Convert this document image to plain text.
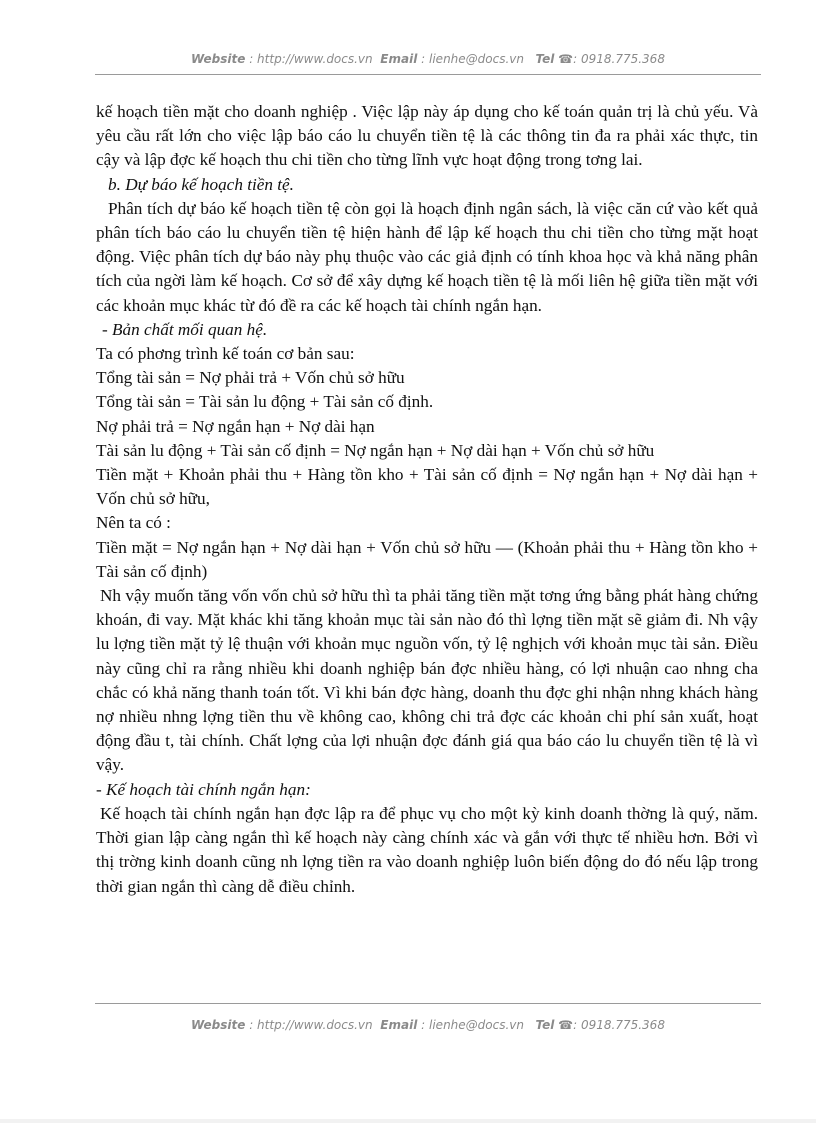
Website : http://www.docs.vn Email : lienhe@docs.vn Tel ☎: 0918.775.368

kế hoạch tiền mặt cho doanh nghiệp . Việc lập này áp dụng cho kế toán quản trị là chủ yếu. Và yêu cầu rất lớn cho việc lập báo cáo lu chuyển tiền tệ là các thông tin đa ra phải xác thực, tin cậy và lập đợc kế hoạch thu chi tiền cho từng lĩnh vực hoạt động trong tơng lai.

b. Dự báo kế hoạch tiền tệ.

Phân tích dự báo kế hoạch tiền tệ còn gọi là hoạch định ngân sách, là việc căn cứ vào kết quả phân tích báo cáo lu chuyển tiền tệ hiện hành để lập kế hoạch thu chi tiền cho từng mặt hoạt động. Việc phân tích dự báo này phụ thuộc vào các giả định có tính khoa học và khả năng phân tích của ngời làm kế hoạch. Cơ sở để xây dựng kế hoạch tiền tệ là mối liên hệ giữa tiền mặt với các khoản mục khác từ đó đề ra các kế hoạch tài chính ngắn hạn.

- Bản chất mối quan hệ.

Ta có phơng trình kế toán cơ bản sau:

Tổng tài sản = Nợ phải trả + Vốn chủ sở hữu

Tổng tài sản = Tài sản lu động + Tài sản cố định.

Nợ phải trả = Nợ ngắn hạn + Nợ dài hạn

Tài sản lu động + Tài sản cố định = Nợ ngắn hạn + Nợ dài hạn + Vốn chủ sở hữu

Tiền mặt + Khoản phải thu + Hàng tồn kho + Tài sản cố định = Nợ ngắn hạn + Nợ dài hạn + Vốn chủ sở hữu,

Nên ta có :

Tiền mặt = Nợ ngắn hạn + Nợ dài hạn + Vốn chủ sở hữu — (Khoản phải thu + Hàng tồn kho + Tài sản cố định)

Nh vậy muốn tăng vốn vốn chủ sở hữu thì ta phải tăng tiền mặt tơng ứng bằng phát hàng chứng khoán, đi vay. Mặt khác khi tăng khoản mục tài sản nào đó thì lợng tiền mặt sẽ giảm đi. Nh vậy lu lợng tiền mặt tỷ lệ thuận với khoản mục nguồn vốn, tỷ lệ nghịch với khoản mục tài sản. Điều này cũng chỉ ra rằng nhiều khi doanh nghiệp bán đợc nhiều hàng, có lợi nhuận cao nhng cha chắc có khả năng thanh toán tốt. Vì khi bán đợc hàng, doanh thu đợc ghi nhận nhng khách hàng nợ nhiều nhng lợng tiền thu về không cao, không chi trả đợc các khoản chi phí sản xuất, hoạt động đầu t, tài chính. Chất lợng của lợi nhuận đợc đánh giá qua báo cáo lu chuyển tiền tệ là vì vậy.

- Kế hoạch tài chính ngắn hạn:

Kế hoạch tài chính ngắn hạn đợc lập ra để phục vụ cho một kỳ kinh doanh thờng là quý, năm. Thời gian lập càng ngắn thì kế hoạch này càng chính xác và gắn với thực tế nhiều hơn. Bởi vì thị trờng kinh doanh cũng nh lợng tiền ra vào doanh nghiệp luôn biến động do đó nếu lập trong thời gian ngắn thì càng dễ điều chỉnh.

Website : http://www.docs.vn Email : lienhe@docs.vn Tel ☎: 0918.775.368
